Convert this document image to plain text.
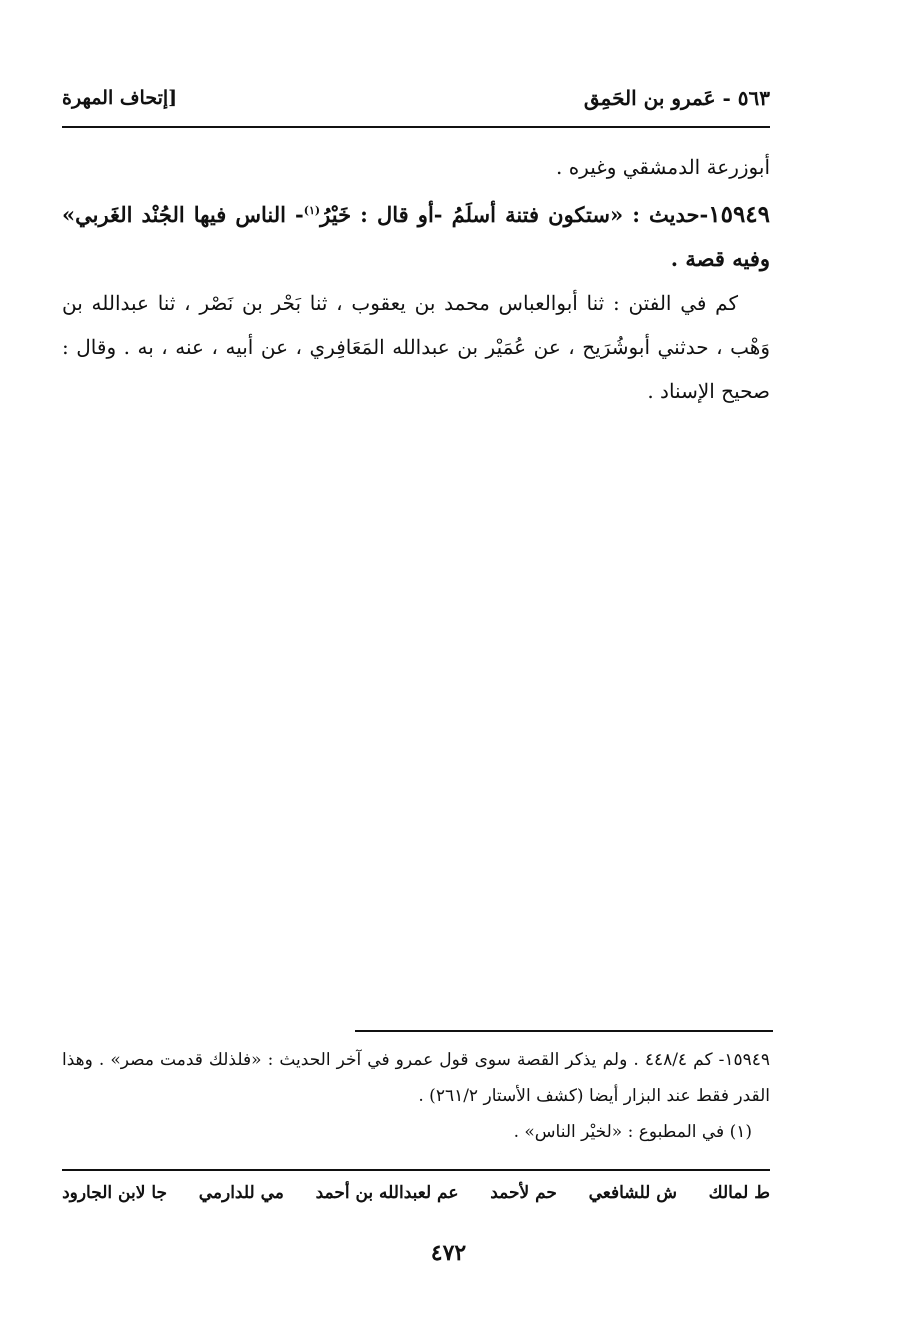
٥٦٣ - عَمرو بن الحَمِق
[إتحاف المهرة

أبوزرعة الدمشقي وغيره .

١٥٩٤٩-حديث : «ستكون فتنة أسلَمُ -أو قال : خَيْرُ$^{(١)}$- الناس فيها الجُنْد الغَربي» وفيه قصة .

كم في الفتن : ثنا أبوالعباس محمد بن يعقوب ، ثنا بَحْر بن نَصْر ، ثنا عبدالله بن وَهْب ، حدثني أبوشُرَيح ، عن عُمَيْر بن عبدالله المَعَافِري ، عن أبيه ، عنه ، به . وقال : صحيح الإسناد .

١٥٩٤٩- كم ٤٤٨/٤ . ولم يذكر القصة سوى قول عمرو في آخر الحديث : «فلذلك قدمت مصر» . وهذا القدر فقط عند البزار أيضا (كشف الأستار ٢٦١/٢) .

(١) في المطبوع : «لخيْر الناس» .

ط لمالك
ش للشافعي
حم لأحمد
عم لعبدالله بن أحمد
مي للدارمي
جا لابن الجارود
٤٧٢
